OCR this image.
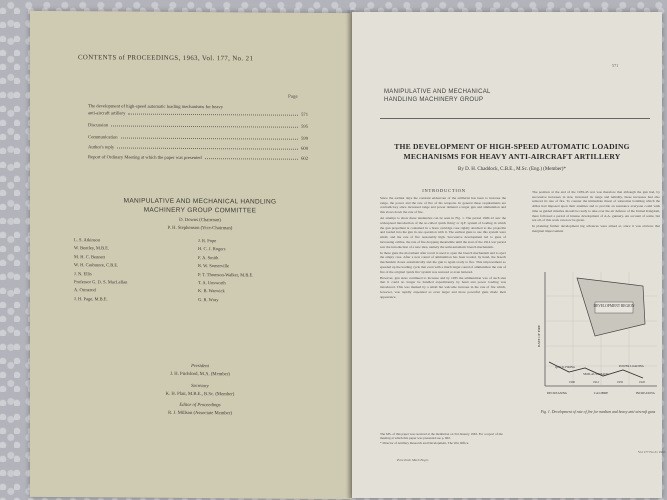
CONTENTS of PROCEEDINGS, 1963, Vol. 177, No. 21
Page
The development of high-speed automatic loading mechanisms for heavy
anti-aircraft artillery	571
Discussion	595
Communication	599
Author's reply	600
Report of Ordinary Meeting at which the paper was presented	602
MANIPULATIVE AND MECHANICAL HANDLING
MACHINERY GROUP COMMITTEE
D. Downs (Chairman)
P. H. Stephenson (Vice-Chairman)
L. S. Atkinson
W. Bentley, M.B.E.
M. H. C. Bennett
W. H. Cashmore, C.B.E.
J. N. Ellis
Professor G. D. S. MacLellan
A. Ormerod
J. H. Page, M.B.E.
J. R. Pope
H. C. J. Rogers
F. A. Smith
R. W. Somerville
P. T. Thomson-Walker, M.B.E.
T. A. Unsworth
K. B. Warwick
G. R. Wray
President
J. H. Pitchford, M.A. (Member)
Secretary
K. H. Platt, M.B.E., B.Sc. (Member)
Editor of Proceedings
R. J. Millson (Associate Member)
571
MANIPULATIVE AND MECHANICAL
HANDLING MACHINERY GROUP
THE DEVELOPMENT OF HIGH-SPEED AUTOMATIC LOADING
MECHANISMS FOR HEAVY ANTI-AIRCRAFT ARTILLERY
By D. H. Chaddock, C.B.E., M.Sc. (Eng.) (Member)*
INTRODUCTION

Since the earliest days the constant endeavour of the artillerist has been to increase the range, the power and the rate of fire of his weapons. In general these requirements are contradictory since increased range and power demand a larger gun and ammunition and this slows down the rate of fire.

An attempt to show these tendencies can be seen in Fig. 1. The period 1900-12 saw the widespread introduction of the so-called 'quick firing' or Q.F. system of loading in which the gun propellant is contained in a brass cartridge case rigidly attached to the projectile and loaded into the gun in one operation with it. The earliest guns to use this system were small, and the rate of fire reasonably high. Successive development led to guns of increasing calibre, the rate of fire dropping meanwhile until the start of the 1914 war period saw the introduction of a new idea, namely the semi-automatic breech mechanism.

In these guns the movement after recoil is used to open the breech mechanism and to eject the empty case. After a new round of ammunition has been loaded, by hand, the breech mechanism closes automatically and the gun is again ready to fire. This improvement so speeded up the loading cycle that even with a much larger round of ammunition the rate of fire of the original 'quick fire' system was restored or even bettered.

However, gun sizes continued to increase and by 1935 the ammunition was of such size that it could no longer be handled expeditiously by hand and power loading was introduced. This was marked by a small but welcome increase in the rate of fire which, however, was rapidly expended as even larger and more powerful guns made their appearance.

The MS. of this paper was received at the Institution on 3rd January 1963. For a report of the meeting at which this paper was presented see p. 602.
* Director of Artillery Research and Development, The War Office.
Prox Instn Mech Engrs

The position at the end of the 1939-45 war was therefore that although the gun had, by successive increases in size, increased its range and lethality, these increases had also reduced its rate of fire. To counter the immediate threat of saturation bombing which the Allies had imposed upon their enemies and to provide an assurance everyone could wish time as guided missiles should be ready to take over the air defence of the United Kingdom, there followed a period of intense development of A.A. gunnery. An account of some, but not all, of this work can now be given.

In planning further development big advances were aimed at, since it was obvious that marginal improvement

DEVELOPMENT REGION
RATE OF FIRE
QUICK FIRING
SEMI-AUTOMATIC
POWER LOADING
1900	1912	1935	1945
DECREASING	CALIBRE	INCREASING
Fig. 1. Development of rate of fire for medium and heavy anti-aircraft guns
Vol 177 No 21 1963
